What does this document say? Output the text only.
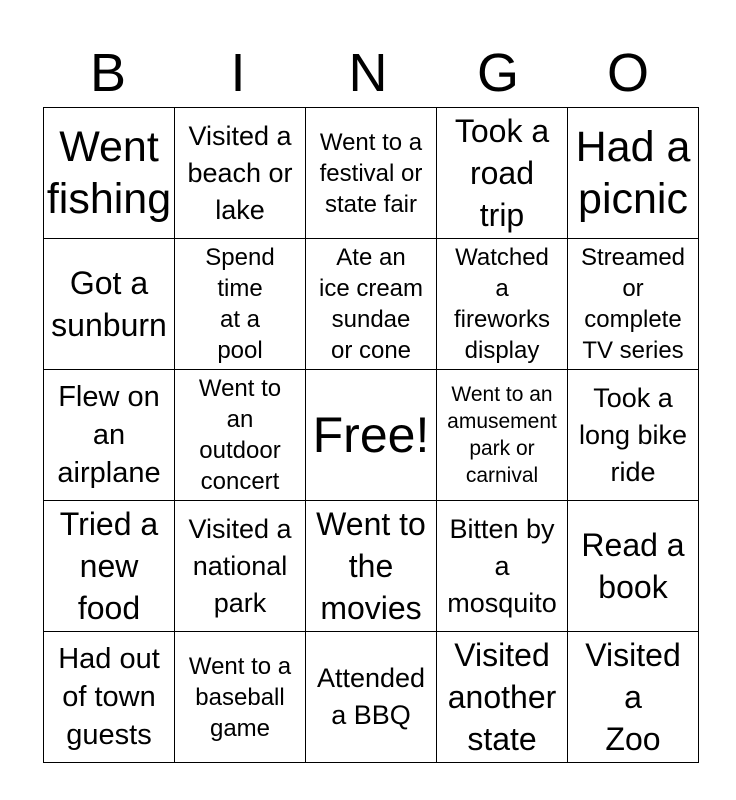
B	I	N	G	O
Went
fishing	Visited a
beach or
lake	Went to a
festival or
state fair	Took a
road
trip	Had a
picnic

Got a
sunburn	Spend
time
at a
pool	Ate an
ice cream
sundae
or cone	Watched
a
fireworks
display	Streamed
or
complete
TV series

Flew on
an
airplane	Went to
an
outdoor
concert	Free!	Went to an
amusement
park or
carnival	Took a
long bike
ride

Tried a
new
food	Visited a
national
park	Went to
the
movies	Bitten by
a
mosquito	Read a
book

Had out
of town
guests	Went to a
baseball
game	Attended
a BBQ	Visited
another
state	Visited
a
Zoo
